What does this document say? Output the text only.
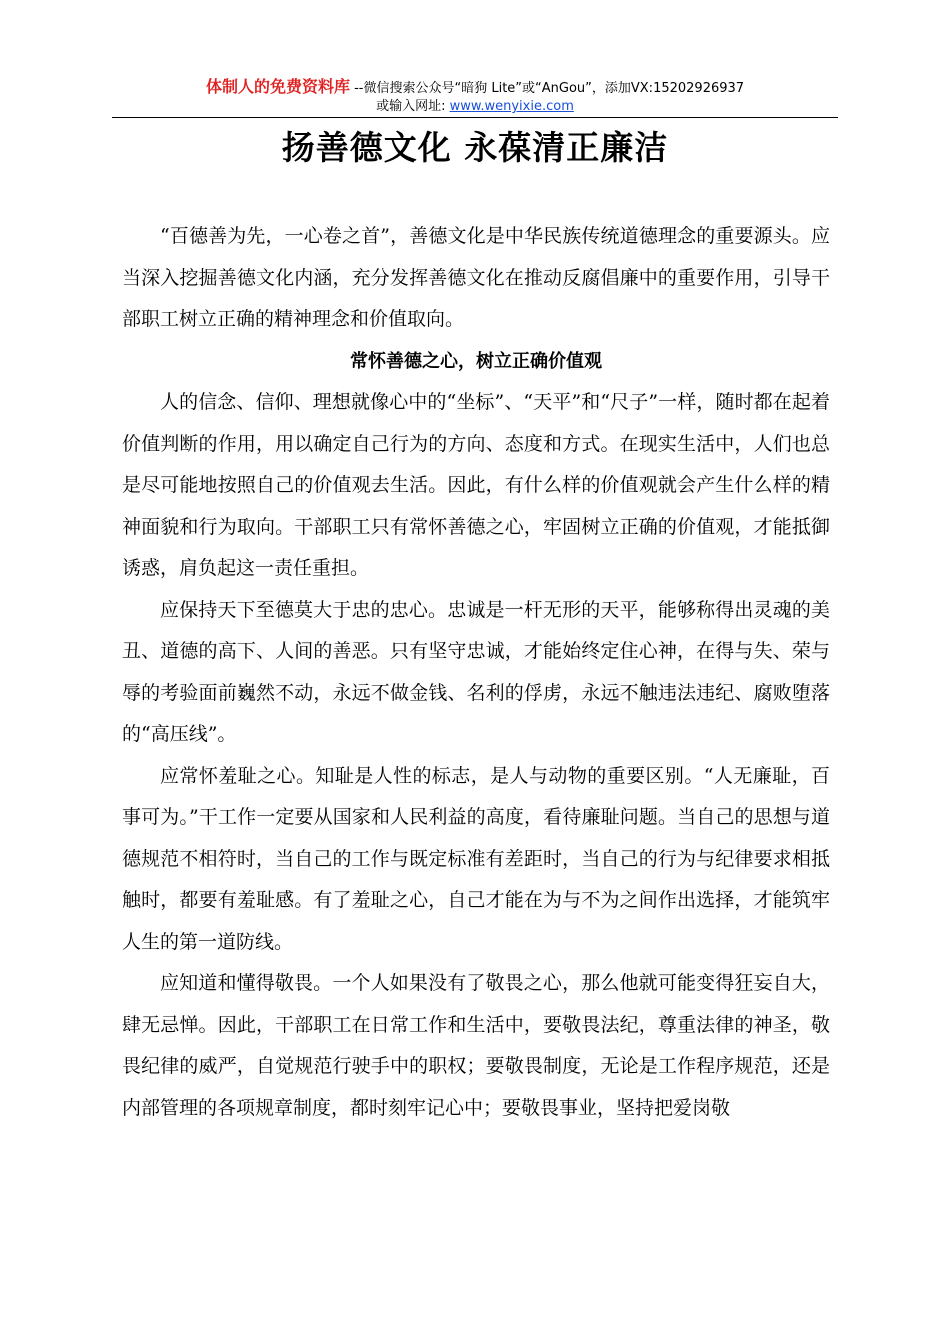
体制人的免费资料库 --微信搜索公众号“暗狗 Lite”或“AnGou”，添加VX:15202926937
或输入网址: www.wenyixie.com
扬善德文化 永葆清正廉洁

“百德善为先，一心卷之首”，善德文化是中华民族传统道德理念的重要源头。应当深入挖掘善德文化内涵，充分发挥善德文化在推动反腐倡廉中的重要作用，引导干部职工树立正确的精神理念和价值取向。

常怀善德之心，树立正确价值观

人的信念、信仰、理想就像心中的“坐标”、“天平”和“尺子”一样，随时都在起着价值判断的作用，用以确定自己行为的方向、态度和方式。在现实生活中，人们也总是尽可能地按照自己的价值观去生活。因此，有什么样的价值观就会产生什么样的精神面貌和行为取向。干部职工只有常怀善德之心，牢固树立正确的价值观，才能抵御诱惑，肩负起这一责任重担。

应保持天下至德莫大于忠的忠心。忠诚是一杆无形的天平，能够称得出灵魂的美丑、道德的高下、人间的善恶。只有坚守忠诚，才能始终定住心神，在得与失、荣与辱的考验面前巍然不动，永远不做金钱、名利的俘虏，永远不触违法违纪、腐败堕落的“高压线”。

应常怀羞耻之心。知耻是人性的标志，是人与动物的重要区别。“人无廉耻，百事可为。”干工作一定要从国家和人民利益的高度，看待廉耻问题。当自己的思想与道德规范不相符时，当自己的工作与既定标准有差距时，当自己的行为与纪律要求相抵触时，都要有羞耻感。有了羞耻之心，自己才能在为与不为之间作出选择，才能筑牢人生的第一道防线。

应知道和懂得敬畏。一个人如果没有了敬畏之心，那么他就可能变得狂妄自大，肆无忌惮。因此，干部职工在日常工作和生活中，要敬畏法纪，尊重法律的神圣，敬畏纪律的威严，自觉规范行驶手中的职权；要敬畏制度，无论是工作程序规范，还是内部管理的各项规章制度，都时刻牢记心中；要敬畏事业，坚持把爱岗敬
